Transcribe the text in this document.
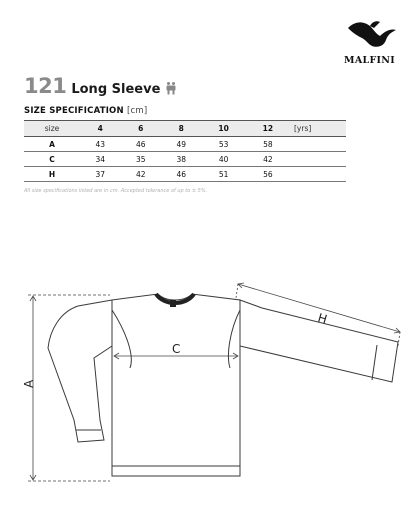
MALFINI
121 Long Sleeve
SIZE SPECIFICATION [cm]
size	4	6	8	10	12	[yrs]
A	43	46	49	53	58	
C	34	35	38	40	42	
H	37	42	46	51	56	
All size specifications listed are in cm. Accepted tolerance of up to ± 5%.
A
C
H
